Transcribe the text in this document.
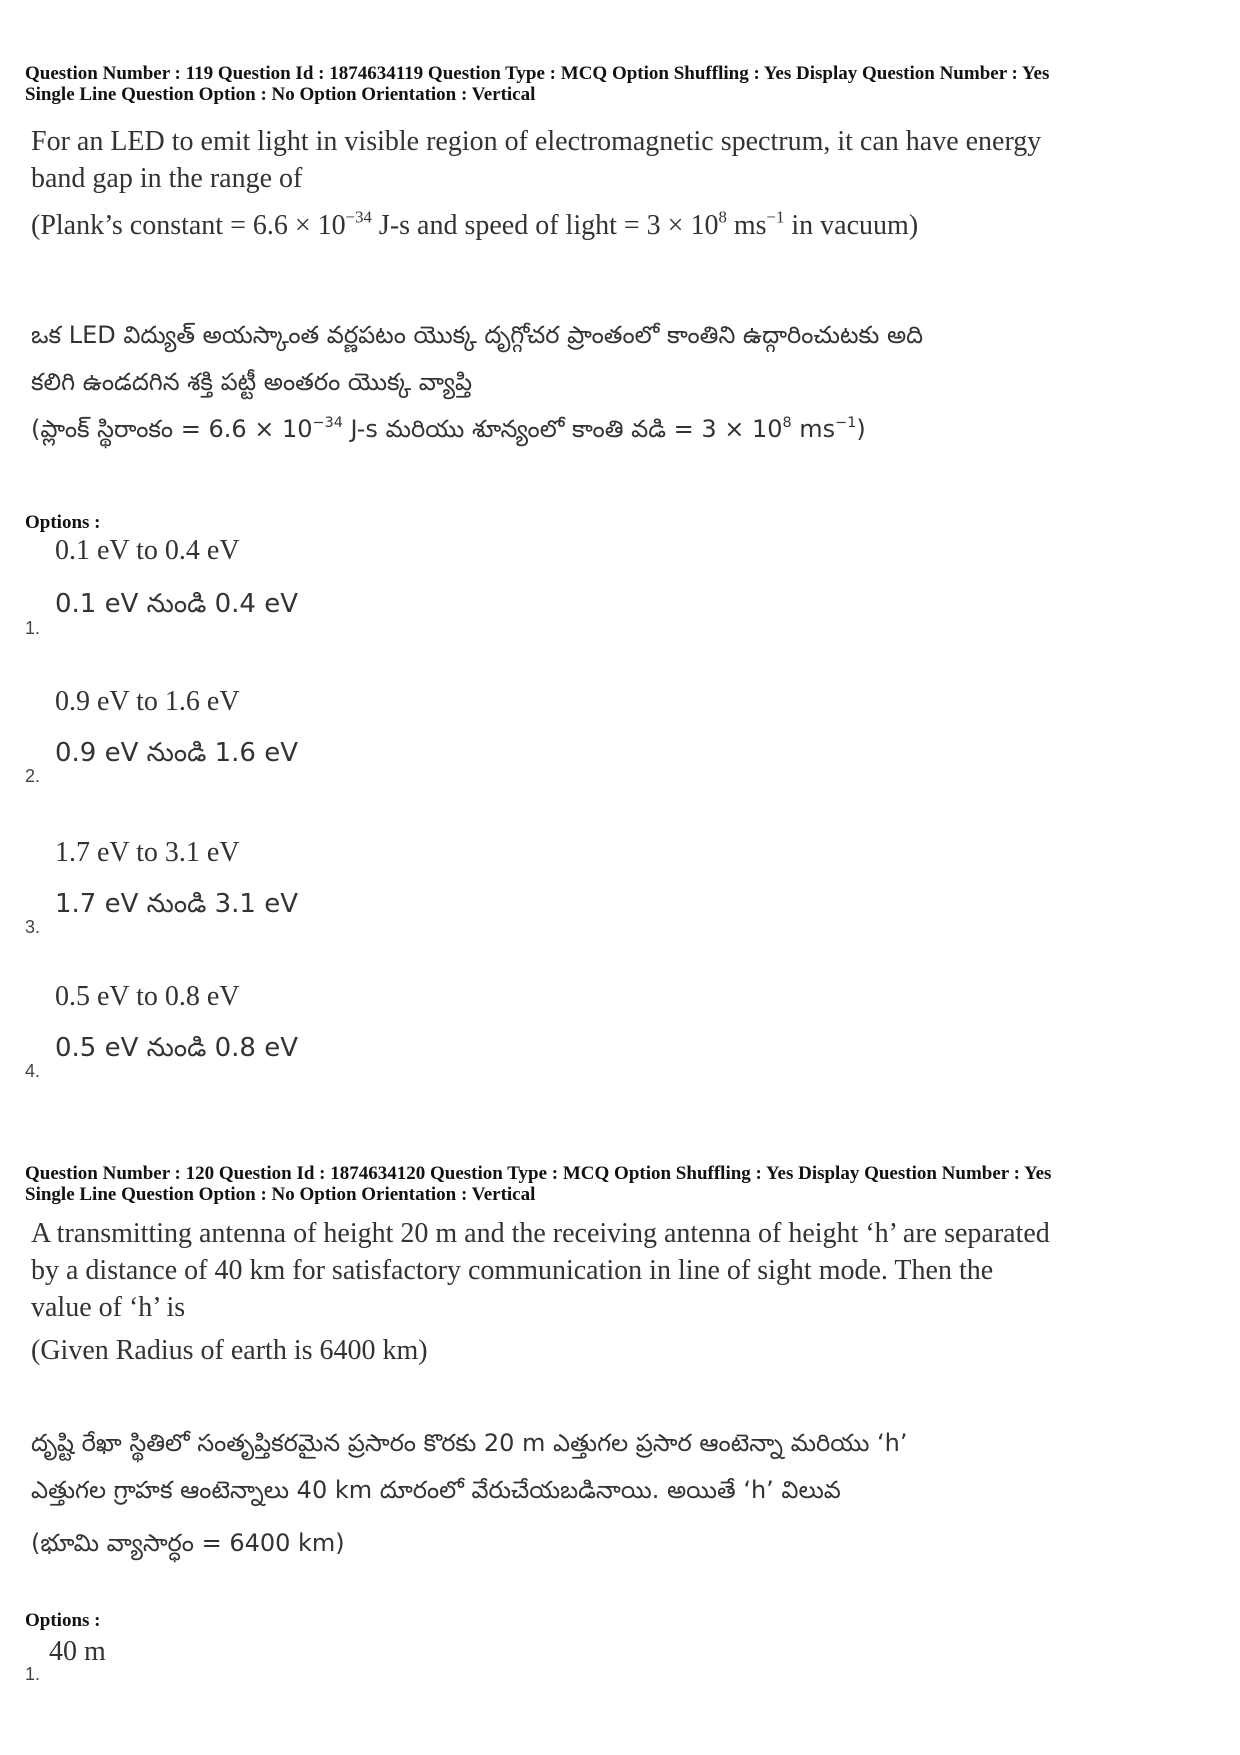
Question Number : 119 Question Id : 1874634119 Question Type : MCQ Option Shuffling : Yes Display Question Number : Yes
Single Line Question Option : No Option Orientation : Vertical

For an LED to emit light in visible region of electromagnetic spectrum, it can have energy

band gap in the range of

(Plank’s constant = $6.6 \times 10^{-34}$ J-s and speed of light = $3 \times 10^8$ $ms^{-1}$ in vacuum)

ఒక LED విద్యుత్ అయస్కాంత వర్ణపటం యొక్క దృగ్గోచర ప్రాంతంలో కాంతిని ఉద్గారించుటకు అది

కలిగి ఉండదగిన శక్తి పట్టీ అంతరం యొక్క వ్యాప్తి

(ప్లాంక్ స్థిరాంకం = $6.6 \times 10^{-34}$ J-s మరియు శూన్యంలో కాంతి వడి = $3 \times 10^8$ $ms^{-1}$)

Options :
0.1 eV to 0.4 eV
0.1 eV నుండి 0.4 eV
1.
0.9 eV to 1.6 eV
0.9 eV నుండి 1.6 eV
2.
1.7 eV to 3.1 eV
1.7 eV నుండి 3.1 eV
3.
0.5 eV to 0.8 eV
0.5 eV నుండి 0.8 eV
4.
Question Number : 120 Question Id : 1874634120 Question Type : MCQ Option Shuffling : Yes Display Question Number : Yes
Single Line Question Option : No Option Orientation : Vertical

A transmitting antenna of height 20 m and the receiving antenna of height ‘h’ are separated

by a distance of 40 km for satisfactory communication in line of sight mode. Then the

value of ‘h’ is

(Given Radius of earth is 6400 km)

దృష్టి రేఖా స్థితిలో సంతృప్తికరమైన ప్రసారం కొరకు 20 m ఎత్తుగల ప్రసార ఆంటెన్నా మరియు ‘h’

ఎత్తుగల గ్రాహక ఆంటెన్నాలు 40 km దూరంలో వేరుచేయబడినాయి. అయితే ‘h’ విలువ

(భూమి వ్యాసార్ధం = 6400 km)

Options :
40 m
1.
